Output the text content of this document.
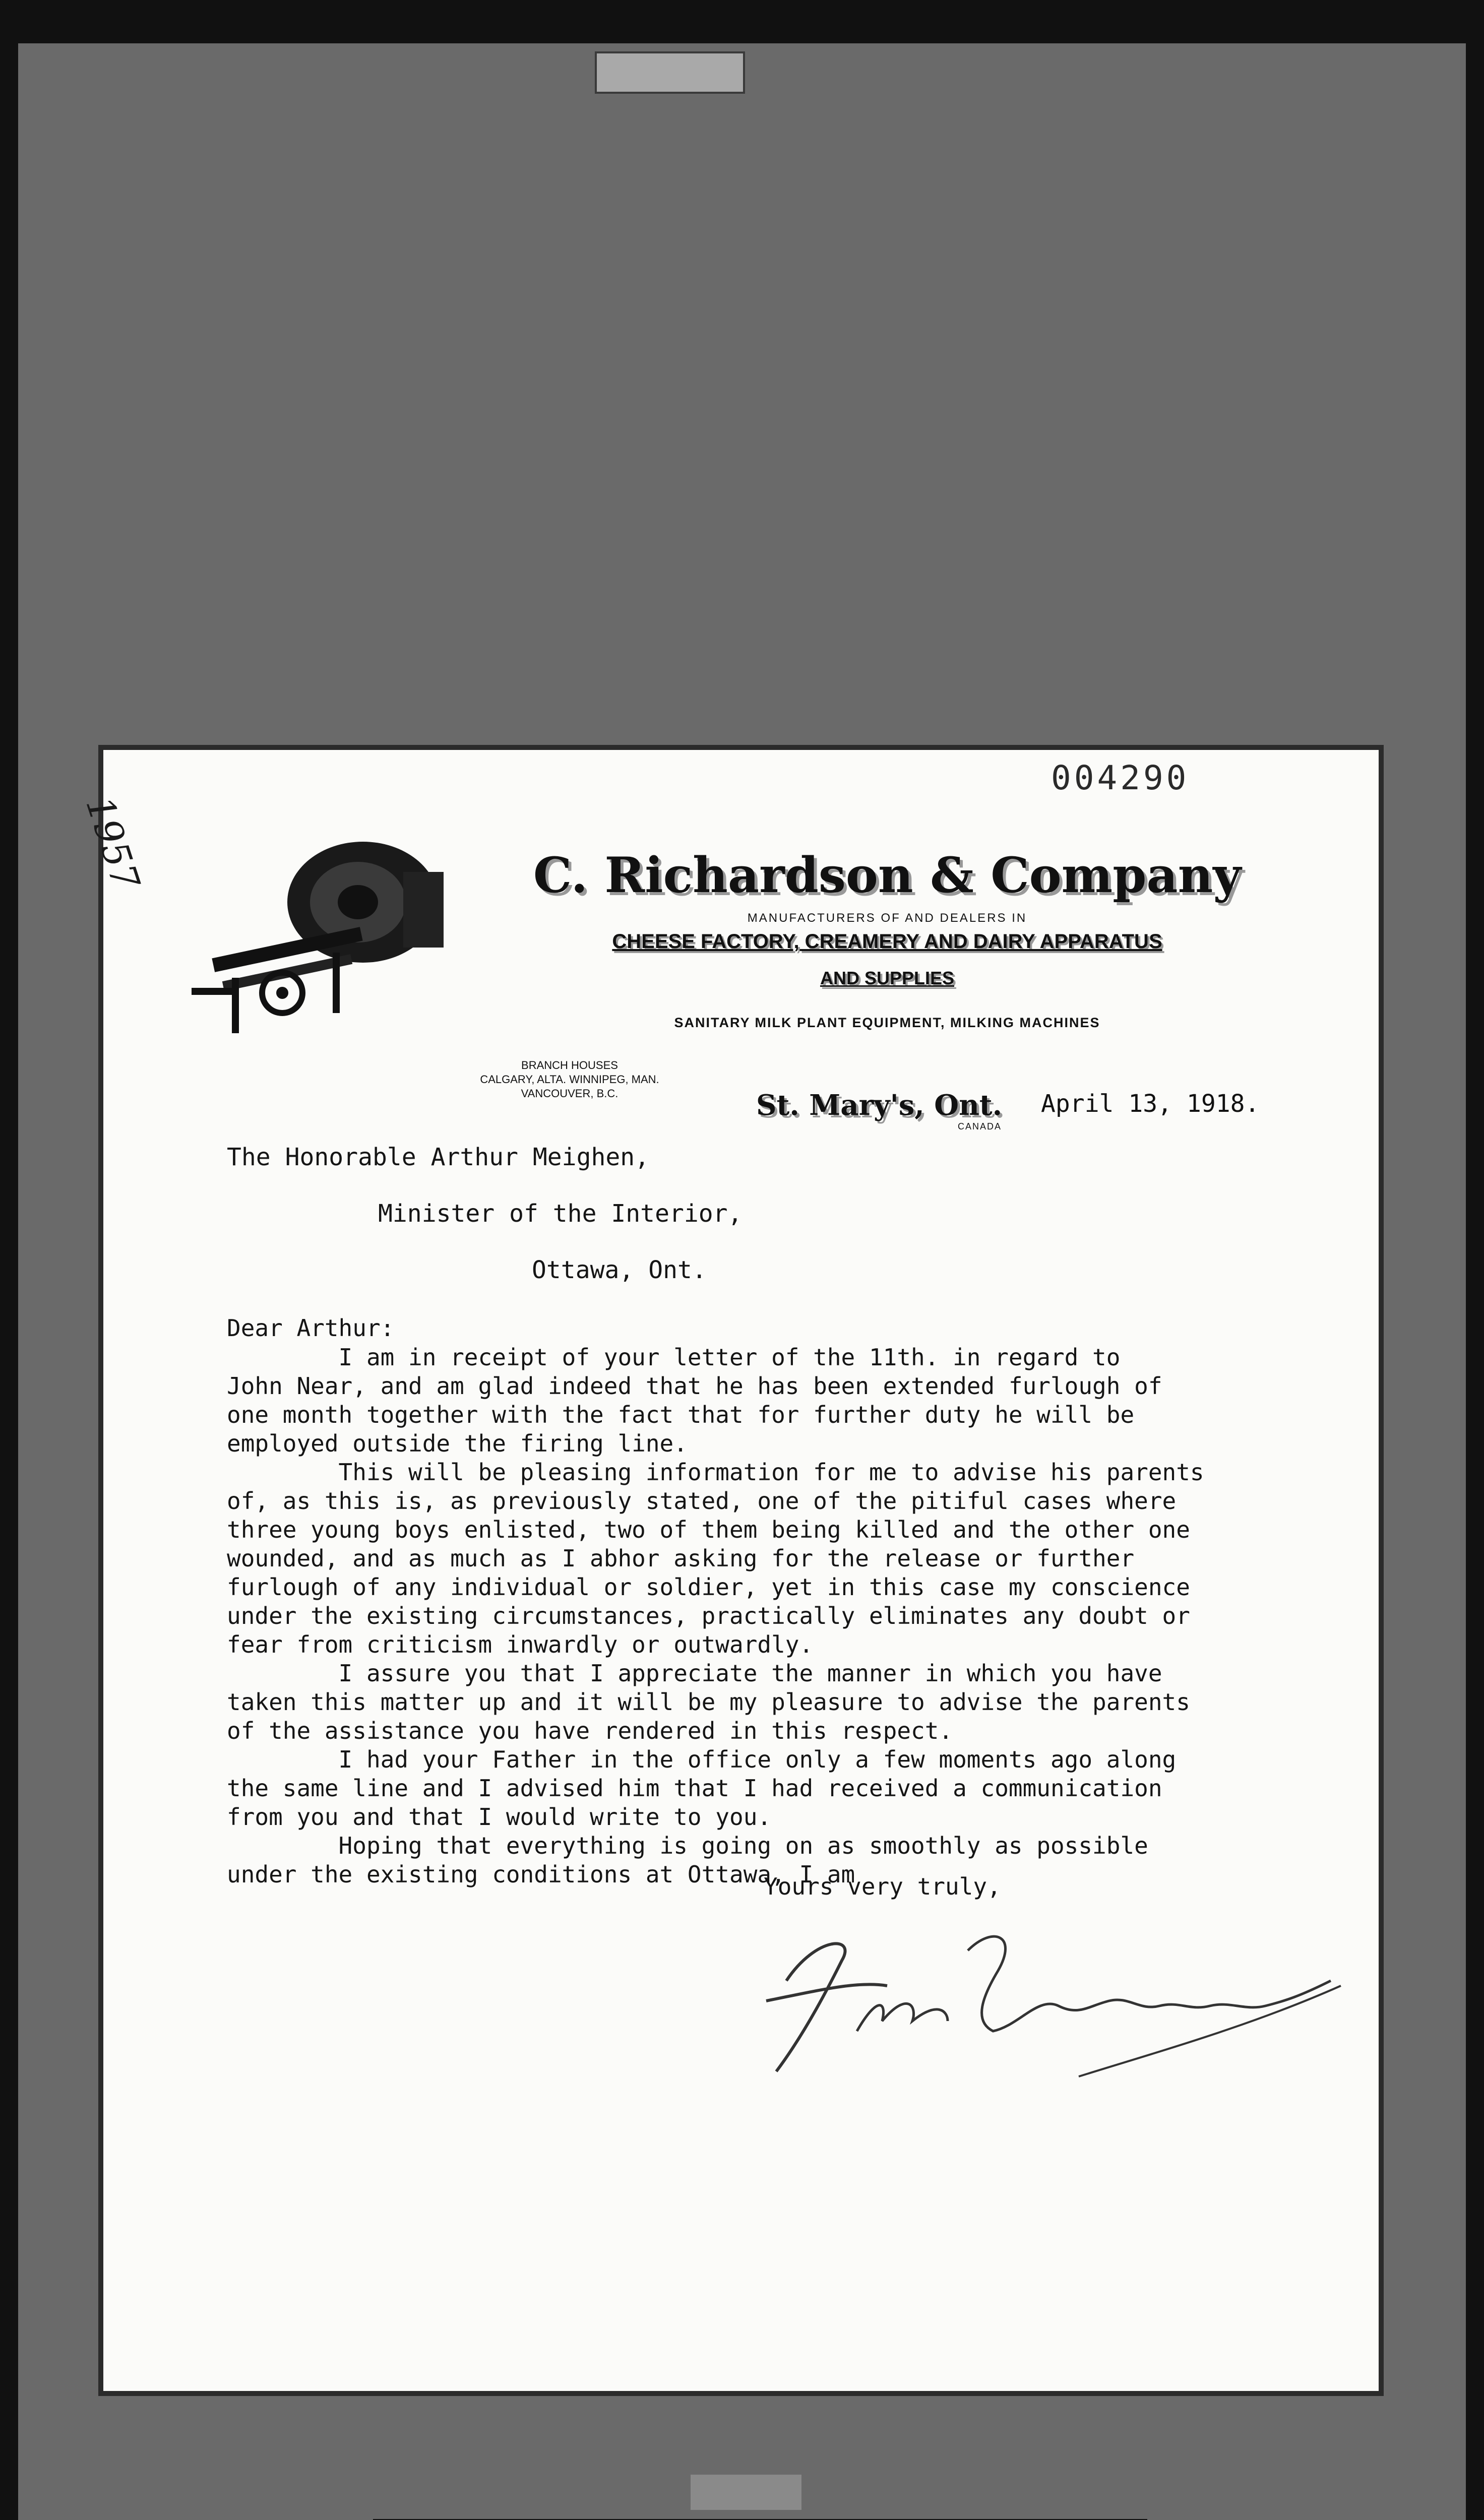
004290
1957	C. Richardson & Company
MANUFACTURERS OF AND DEALERS IN
CHEESE FACTORY, CREAMERY AND DAIRY APPARATUS
AND SUPPLIES
SANITARY MILK PLANT EQUIPMENT, MILKING MACHINES
BRANCH HOUSES
CALGARY, ALTA. WINNIPEG, MAN.
VANCOUVER, B.C.	St. Mary's, Ont.
CANADA
April 13, 1918.
The Honorable Arthur Meighen,
Minister of the Interior,
Ottawa, Ont.
Dear Arthur:

I am in receipt of your letter of the 11th. in regard to

John Near, and am glad indeed that he has been extended furlough of

one month together with the fact that for further duty he will be

employed outside the firing line.

This will be pleasing information for me to advise his parents

of, as this is, as previously stated, one of the pitiful cases where

three young boys enlisted, two of them being killed and the other one

wounded, and as much as I abhor asking for the release or further

furlough of any individual or soldier, yet in this case my conscience

under the existing circumstances, practically eliminates any doubt or

fear from criticism inwardly or outwardly.

I assure you that I appreciate the manner in which you have

taken this matter up and it will be my pleasure to advise the parents

of the assistance you have rendered in this respect.

I had your Father in the office only a few moments ago along

the same line and I advised him that I had received a communication

from you and that I would write to you.

Hoping that everything is going on as smoothly as possible

under the existing conditions at Ottawa, I am

Yours very truly,
